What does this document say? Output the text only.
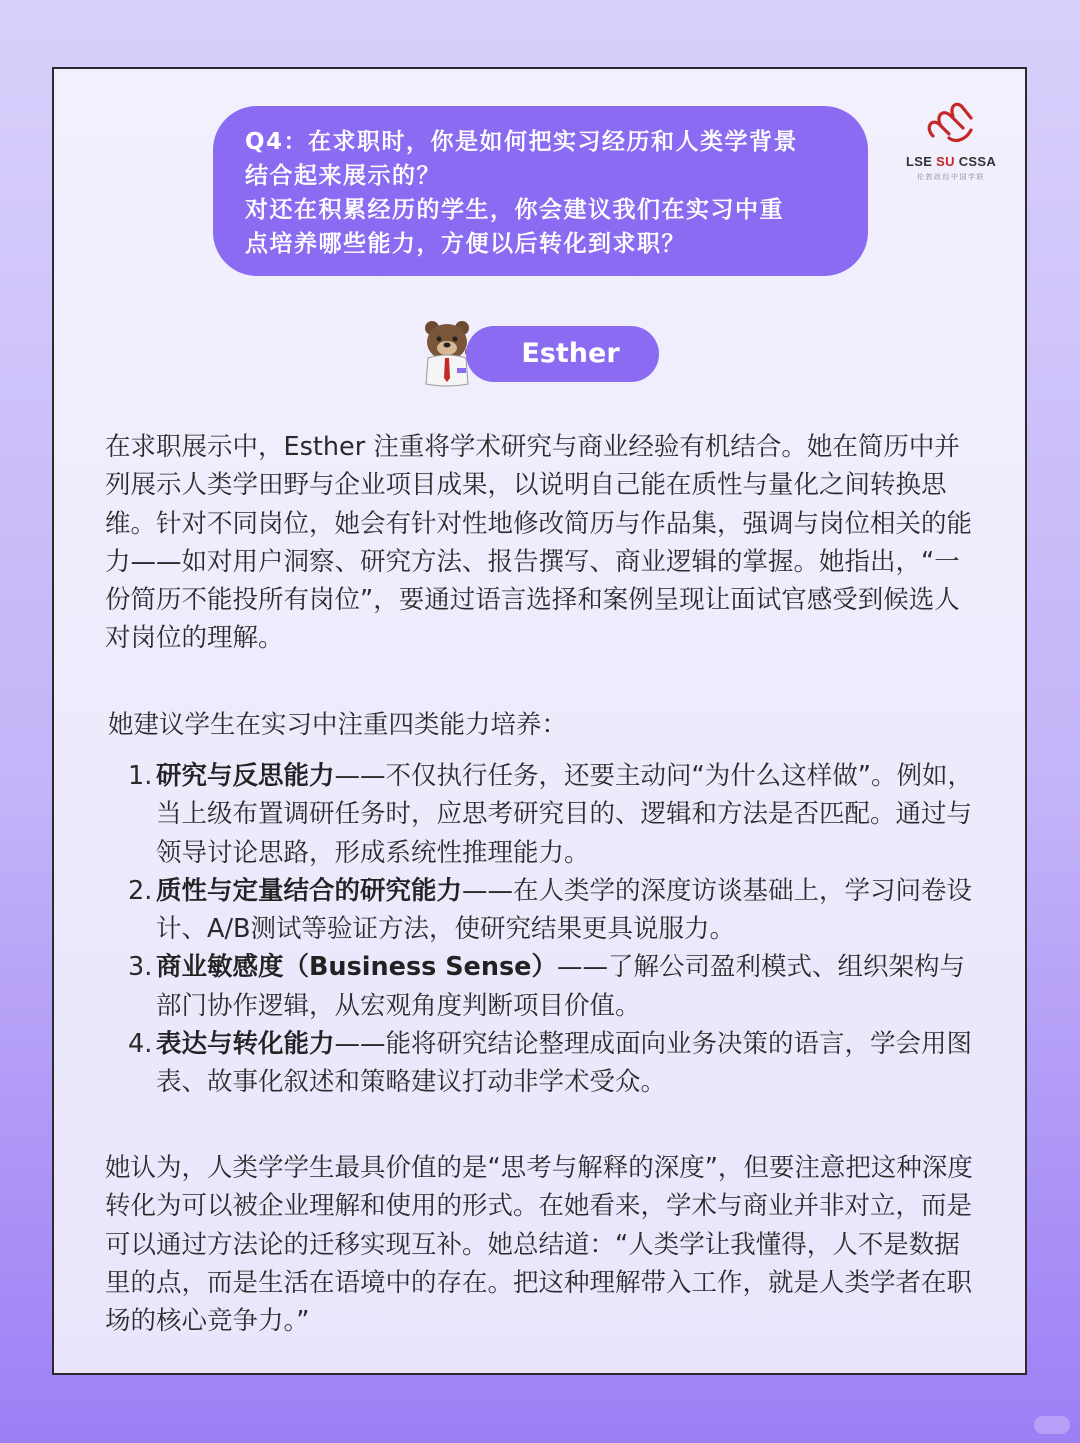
Q4：在求职时，你是如何把实习经历和人类学背景

结合起来展示的？

对还在积累经历的学生，你会建议我们在实习中重

点培养哪些能力，方便以后转化到求职？

LSE SU CSSA
伦敦政经中国学联
Esther

在求职展示中，Esther 注重将学术研究与商业经验有机结合。她在简历中并列展示人类学田野与企业项目成果，以说明自己能在质性与量化之间转换思维。针对不同岗位，她会有针对性地修改简历与作品集，强调与岗位相关的能力——如对用户洞察、研究方法、报告撰写、商业逻辑的掌握。她指出，“一份简历不能投所有岗位”，要通过语言选择和案例呈现让面试官感受到候选人对岗位的理解。

她建议学生在实习中注重四类能力培养：

1. 研究与反思能力——不仅执行任务，还要主动问“为什么这样做”。例如，当上级布置调研任务时，应思考研究目的、逻辑和方法是否匹配。通过与领导讨论思路，形成系统性推理能力。
2. 质性与定量结合的研究能力——在人类学的深度访谈基础上，学习问卷设计、A/B测试等验证方法，使研究结果更具说服力。
3. 商业敏感度（Business Sense）——了解公司盈利模式、组织架构与部门协作逻辑，从宏观角度判断项目价值。
4. 表达与转化能力——能将研究结论整理成面向业务决策的语言，学会用图表、故事化叙述和策略建议打动非学术受众。

她认为，人类学学生最具价值的是“思考与解释的深度”，但要注意把这种深度转化为可以被企业理解和使用的形式。在她看来，学术与商业并非对立，而是可以通过方法论的迁移实现互补。她总结道：“人类学让我懂得，人不是数据里的点，而是生活在语境中的存在。把这种理解带入工作，就是人类学者在职场的核心竞争力。”
